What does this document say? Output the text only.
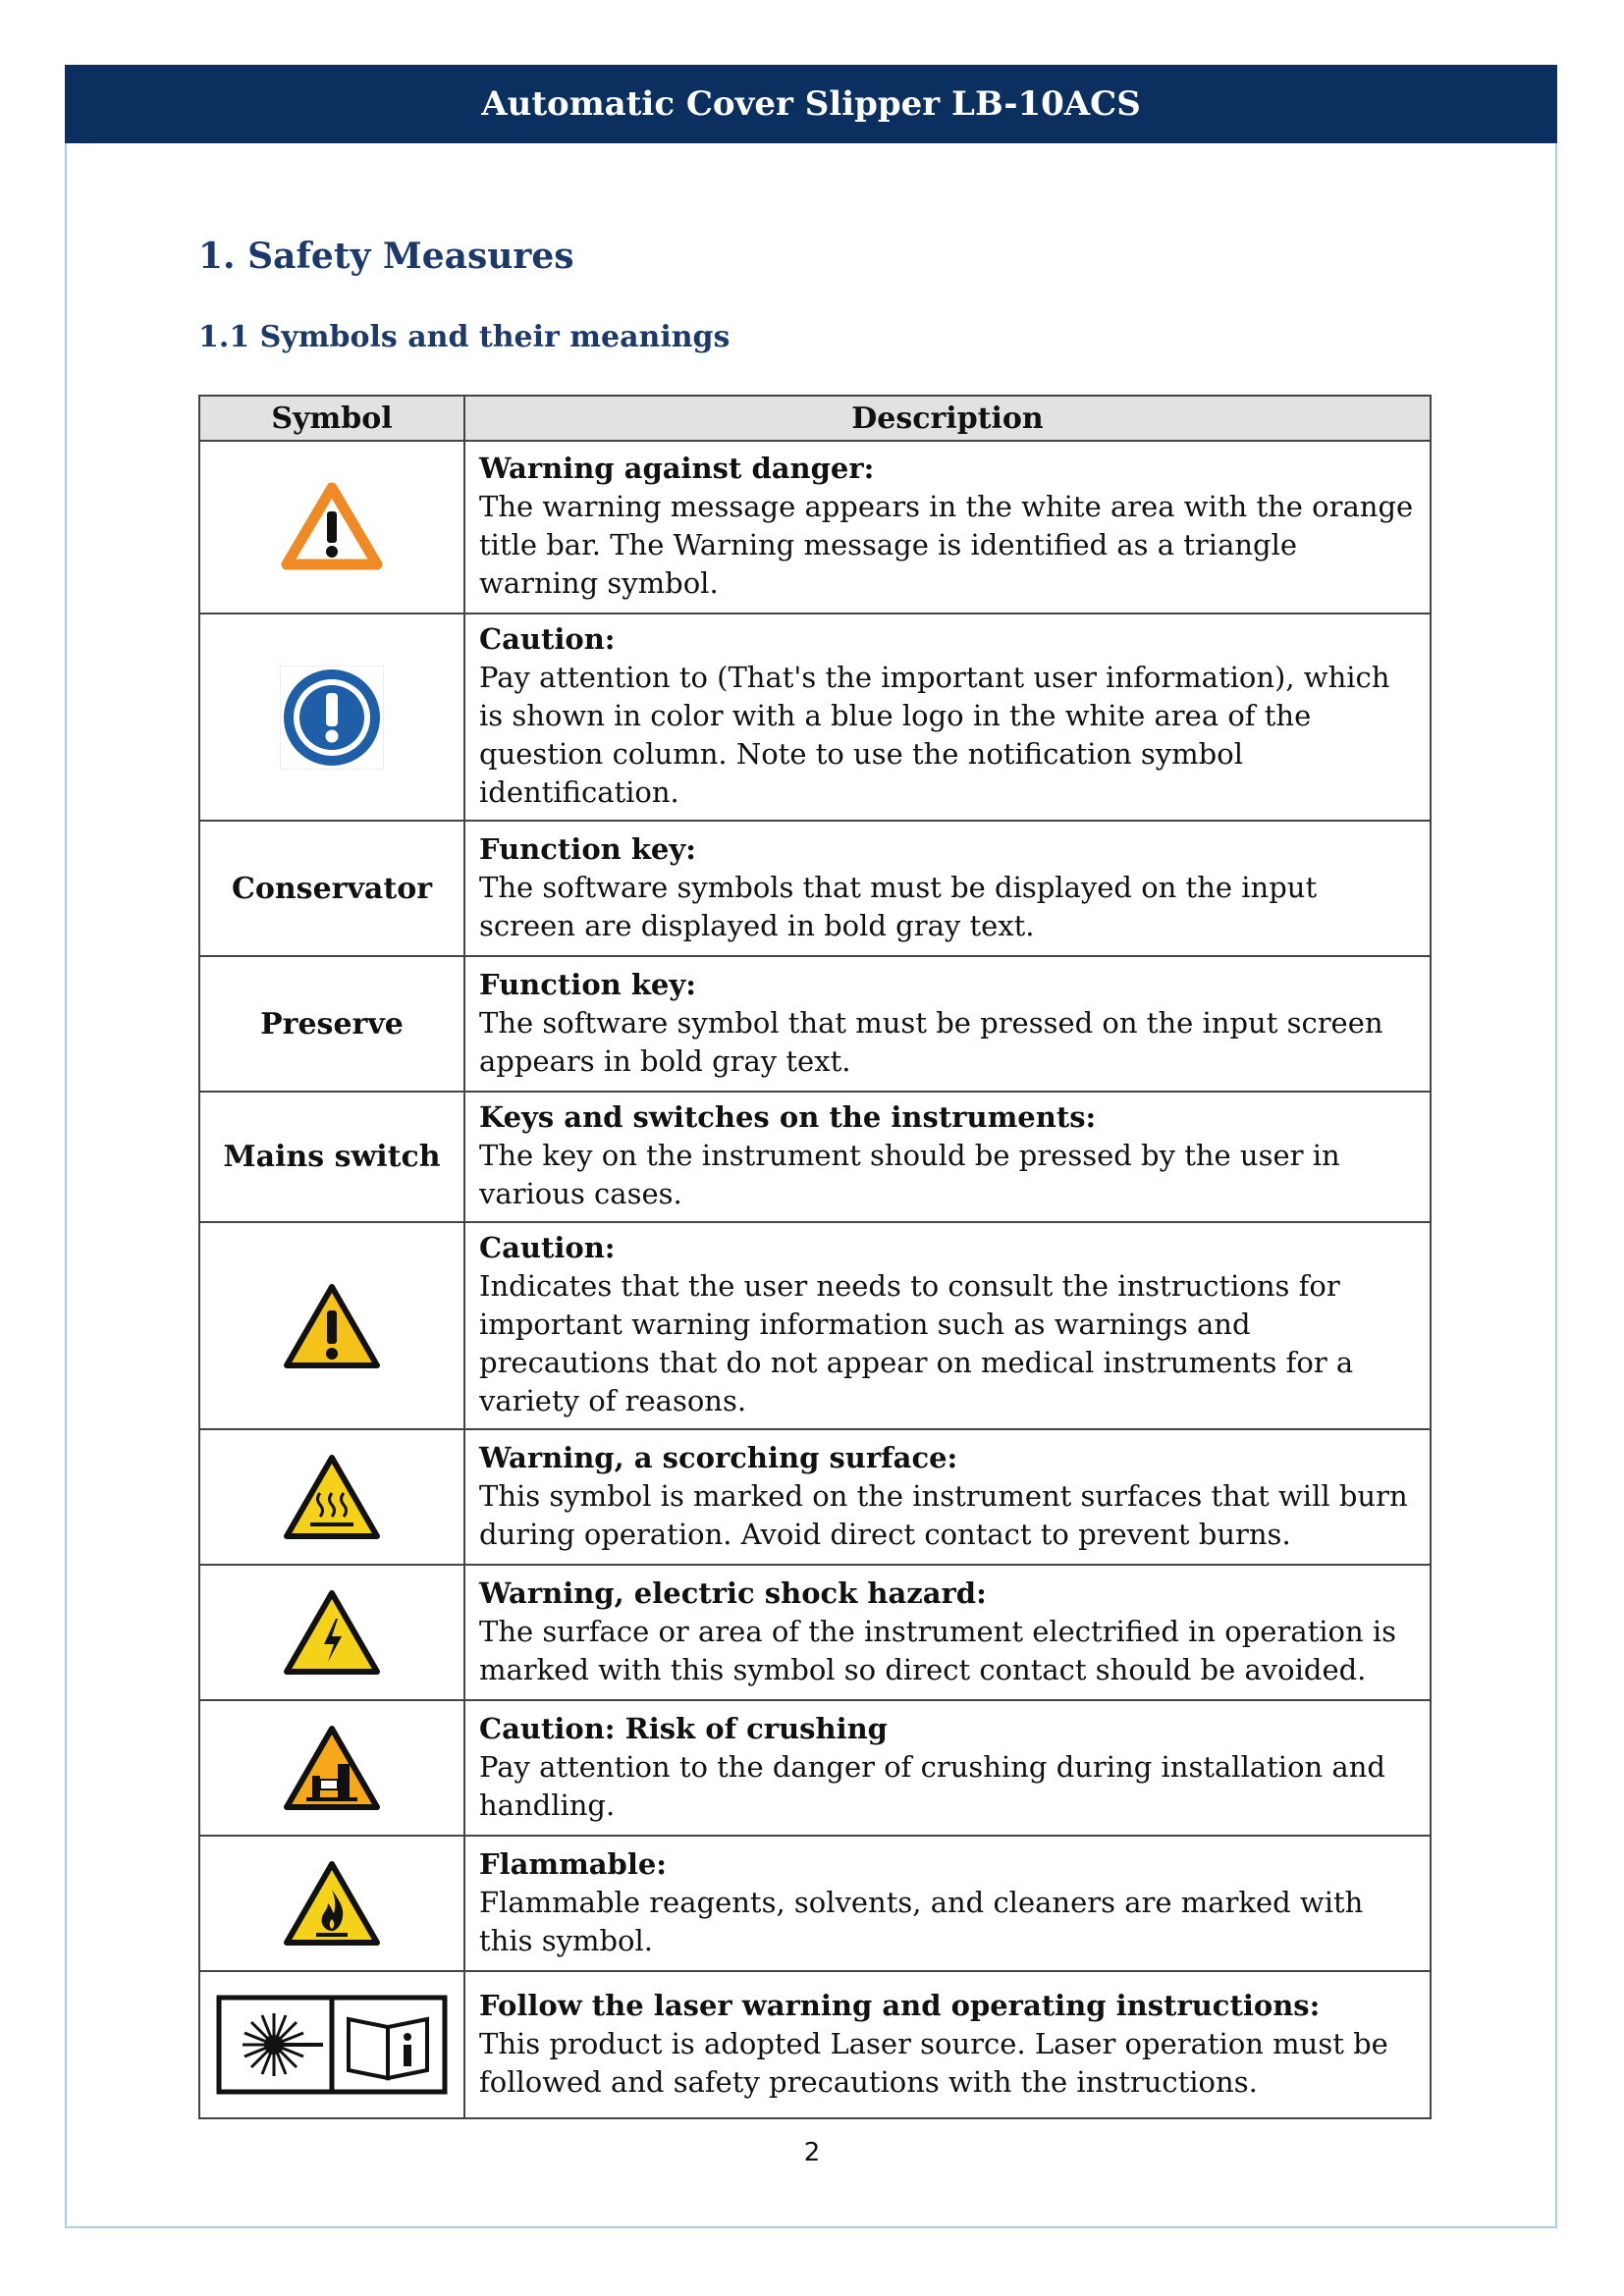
Automatic Cover Slipper LB-10ACS
1. Safety Measures
1.1 Symbols and their meanings
Symbol	Description

Warning against danger:
The warning message appears in the white area with the orange title bar. The Warning message is identified as a triangle warning symbol.

Caution:
Pay attention to (That's the important user information), which is shown in color with a blue logo in the white area of the question column. Note to use the notification symbol identification.

Conservator	Function key:
The software symbols that must be displayed on the input screen are displayed in bold gray text.

Preserve	Function key:
The software symbol that must be pressed on the input screen appears in bold gray text.

Mains switch	Keys and switches on the instruments:
The key on the instrument should be pressed by the user in various cases.

Caution:
Indicates that the user needs to consult the instructions for important warning information such as warnings and precautions that do not appear on medical instruments for a variety of reasons.

Warning, a scorching surface:
This symbol is marked on the instrument surfaces that will burn during operation. Avoid direct contact to prevent burns.

Warning, electric shock hazard:
The surface or area of the instrument electrified in operation is marked with this symbol so direct contact should be avoided.

Caution: Risk of crushing
Pay attention to the danger of crushing during installation and handling.

Flammable:
Flammable reagents, solvents, and cleaners are marked with this symbol.

Follow the laser warning and operating instructions:
This product is adopted Laser source. Laser operation must be followed and safety precautions with the instructions.
2
